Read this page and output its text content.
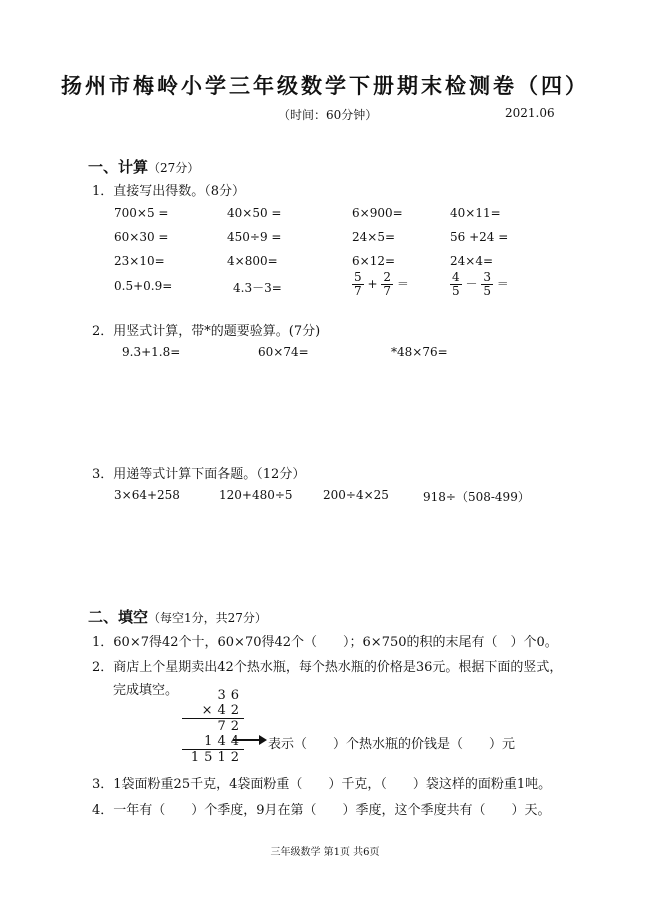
扬州市梅岭小学三年级数学下册期末检测卷（四）
（时间：60分钟）	2021.06
一、计算（27分）
1．直接写出得数。（8分）
700×5 =	40×50 =	6×900=	40×11=
60×30 =	450÷9 =	24×5=	56 +24 =
23×10=	4×800=	6×12=	24×4=
0.5+0.9=	4.3－3=	$\frac{5}{7} + \frac{2}{7}$ ＝	$\frac{4}{5} - \frac{3}{5}$ ＝
2．用竖式计算，带*的题要验算。(7分)
9.3+1.8=	60×74=	*48×76=
3．用递等式计算下面各题。（12分）
3×64+258	120+480÷5	200÷4×25	918÷（508-499）
二、填空（每空1分，共27分）
1．60×7得42个十，60×70得42个（　　）；6×750的积的末尾有（　）个0。
2．商店上个星期卖出42个热水瓶，每个热水瓶的价格是36元。根据下面的竖式，
完成填空。	36
×42
72
144
1512
表示（　　）个热水瓶的价钱是（　　）元
3．1袋面粉重25千克，4袋面粉重（　　）千克，（　　）袋这样的面粉重1吨。
4．一年有（　　）个季度，9月在第（　　）季度，这个季度共有（　　）天。
三年级数学 第1页 共6页
